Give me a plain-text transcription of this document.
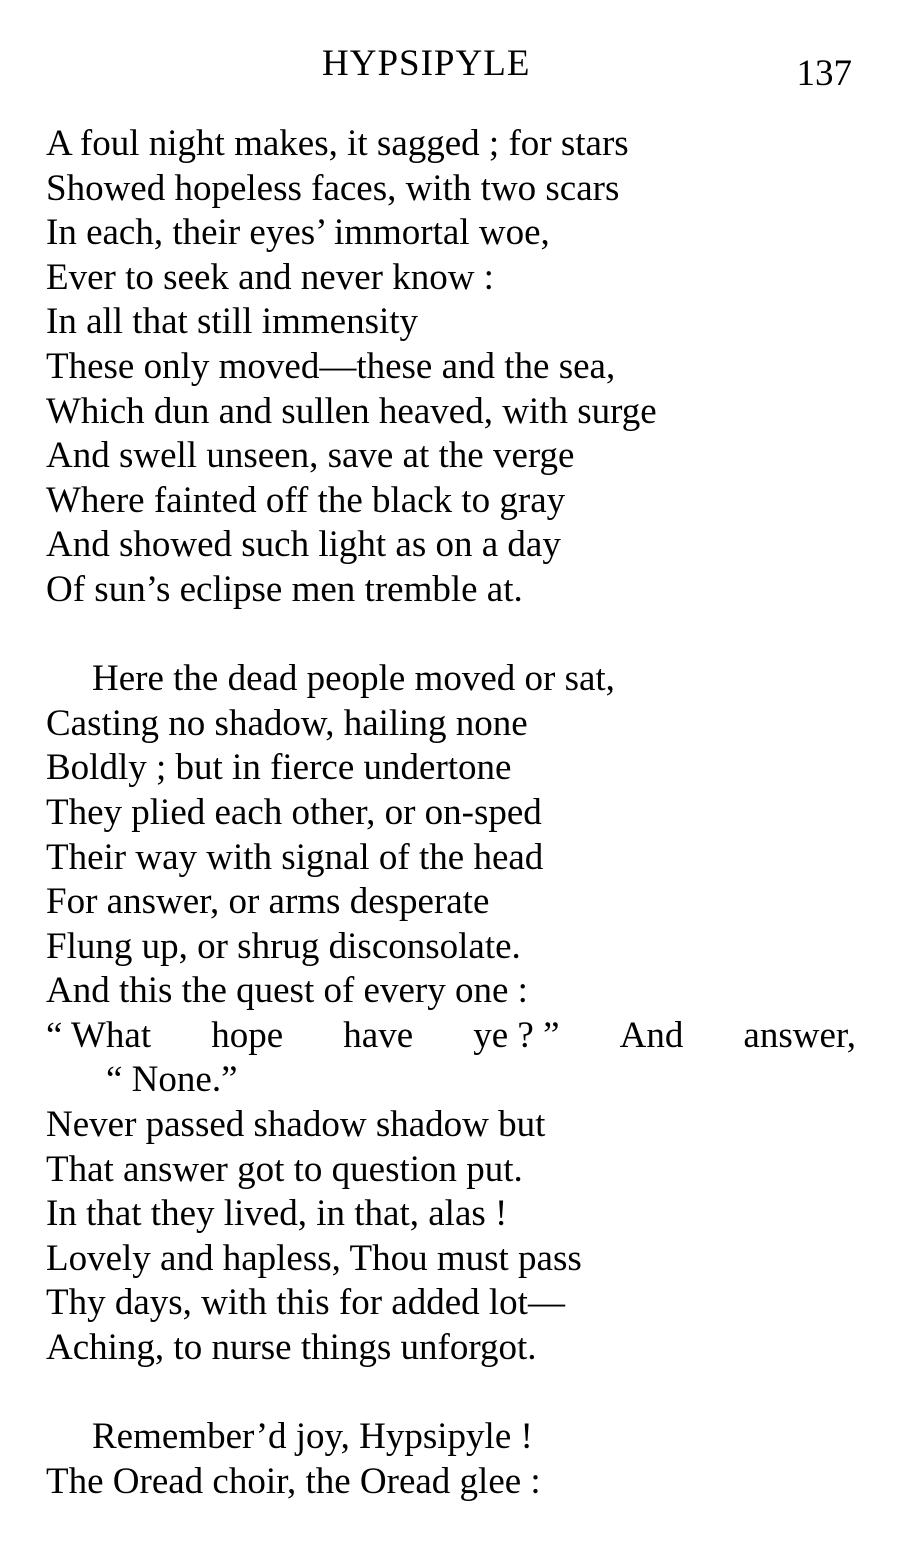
HYPSIPYLE	137
A foul night makes, it sagged ; for stars
Showed hopeless faces, with two scars
In each, their eyes’ immortal woe,
Ever to seek and never know :
In all that still immensity
These only moved—these and the sea,
Which dun and sullen heaved, with surge
And swell unseen, save at the verge
Where fainted off the black to gray
And showed such light as on a day
Of sun’s eclipse men tremble at.
Here the dead people moved or sat,
Casting no shadow, hailing none
Boldly ; but in fierce undertone
They plied each other, or on-sped
Their way with signal of the head
For answer, or arms desperate
Flung up, or shrug disconsolate.
And this the quest of every one :
“ What hope have ye ? ” And answer,
“ None.”
Never passed shadow shadow but
That answer got to question put.
In that they lived, in that, alas !
Lovely and hapless, Thou must pass
Thy days, with this for added lot—
Aching, to nurse things unforgot.
Remember’d joy, Hypsipyle !
The Oread choir, the Oread glee :
